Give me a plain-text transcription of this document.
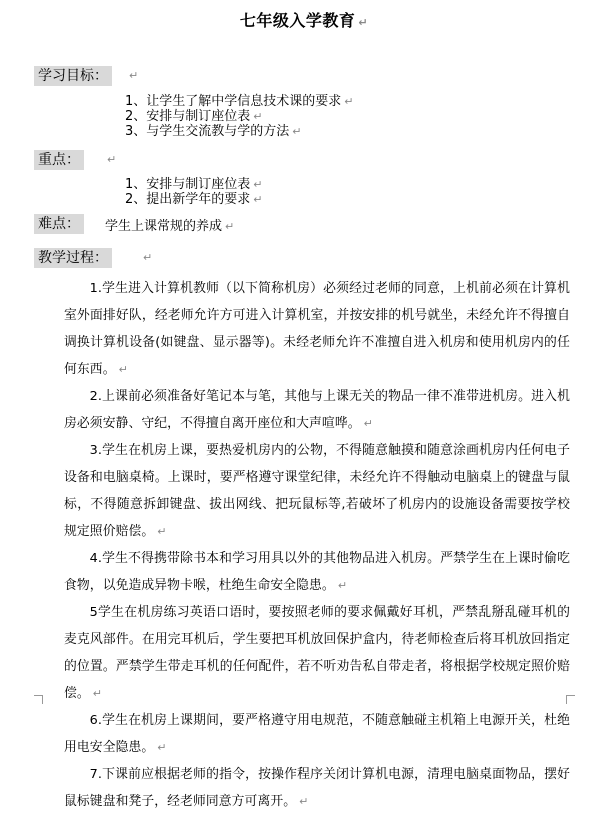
七年级入学教育 ↵
学习目标：	↵
1、让学生了解中学信息技术课的要求 ↵
2、安排与制订座位表 ↵
3、与学生交流教与学的方法 ↵
重点：	↵
1、安排与制订座位表 ↵
2、提出新学年的要求 ↵
难点：	学生上课常规的养成 ↵
教学过程：	↵

1.学生进入计算机教师（以下简称机房）必须经过老师的同意，上机前必须在计算机室外面排好队，经老师允许方可进入计算机室，并按安排的机号就坐，未经允许不得擅自调换计算机设备(如键盘、显示器等)。未经老师允许不准擅自进入机房和使用机房内的任何东西。 ↵

2.上课前必须准备好笔记本与笔，其他与上课无关的物品一律不准带进机房。进入机房必须安静、守纪，不得擅自离开座位和大声喧哗。 ↵

3.学生在机房上课，要热爱机房内的公物，不得随意触摸和随意涂画机房内任何电子设备和电脑桌椅。上课时，要严格遵守课堂纪律，未经允许不得触动电脑桌上的键盘与鼠标，不得随意拆卸键盘、拔出网线、把玩鼠标等,若破坏了机房内的设施设备需要按学校规定照价赔偿。 ↵

4.学生不得携带除书本和学习用具以外的其他物品进入机房。严禁学生在上课时偷吃食物，以免造成异物卡喉，杜绝生命安全隐患。 ↵

5学生在机房练习英语口语时，要按照老师的要求佩戴好耳机，严禁乱掰乱碰耳机的麦克风部件。在用完耳机后，学生要把耳机放回保护盒内，待老师检查后将耳机放回指定的位置。严禁学生带走耳机的任何配件，若不听劝告私自带走者，将根据学校规定照价赔偿。 ↵

6.学生在机房上课期间，要严格遵守用电规范，不随意触碰主机箱上电源开关，杜绝用电安全隐患。 ↵

7.下课前应根据老师的指令，按操作程序关闭计算机电源，清理电脑桌面物品，摆好鼠标键盘和凳子，经老师同意方可离开。 ↵
